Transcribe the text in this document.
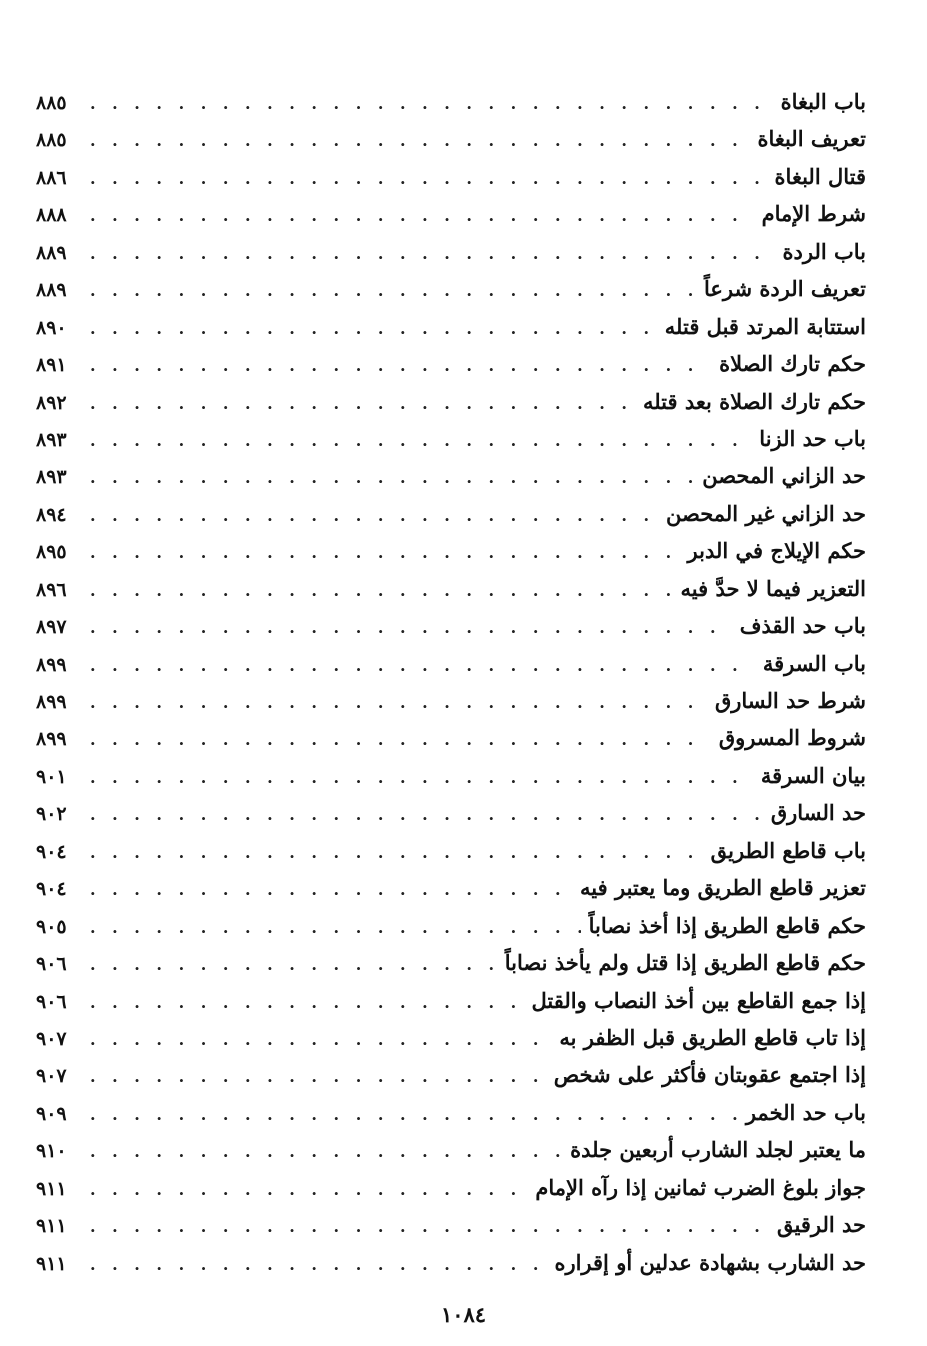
باب البغاة
. . .
٨٨٥
تعريف البغاة
. . .
٨٨٥
قتال البغاة
. . .
٨٨٦
شرط الإمام
. . .
٨٨٨
باب الردة
. . .
٨٨٩
تعريف الردة شرعاً
. . .
٨٨٩
استتابة المرتد قبل قتله
. . .
٨٩٠
حكم تارك الصلاة
. . .
٨٩١
حكم تارك الصلاة بعد قتله
. . .
٨٩٢
باب حد الزنا
. . .
٨٩٣
حد الزاني المحصن
. . .
٨٩٣
حد الزاني غير المحصن
. . .
٨٩٤
حكم الإيلاج في الدبر
. . .
٨٩٥
التعزير فيما لا حدَّ فيه
. . .
٨٩٦
باب حد القذف
. . .
٨٩٧
باب السرقة
. . .
٨٩٩
شرط حد السارق
. . .
٨٩٩
شروط المسروق
. . .
٨٩٩
بيان السرقة
. . .
٩٠١
حد السارق
. . .
٩٠٢
باب قاطع الطريق
. . .
٩٠٤
تعزير قاطع الطريق وما يعتبر فيه
. . .
٩٠٤
حكم قاطع الطريق إذا أخذ نصاباً
. . .
٩٠٥
حكم قاطع الطريق إذا قتل ولم يأخذ نصاباً
. . .
٩٠٦
إذا جمع القاطع بين أخذ النصاب والقتل
. . .
٩٠٦
إذا تاب قاطع الطريق قبل الظفر به
. . .
٩٠٧
إذا اجتمع عقوبتان فأكثر على شخص
. . .
٩٠٧
باب حد الخمر
. . .
٩٠٩
ما يعتبر لجلد الشارب أربعين جلدة
. . .
٩١٠
جواز بلوغ الضرب ثمانين إذا رآه الإمام
. . .
٩١١
حد الرقيق
. . .
٩١١
حد الشارب بشهادة عدلين أو إقراره
. . .
٩١١
١٠٨٤
